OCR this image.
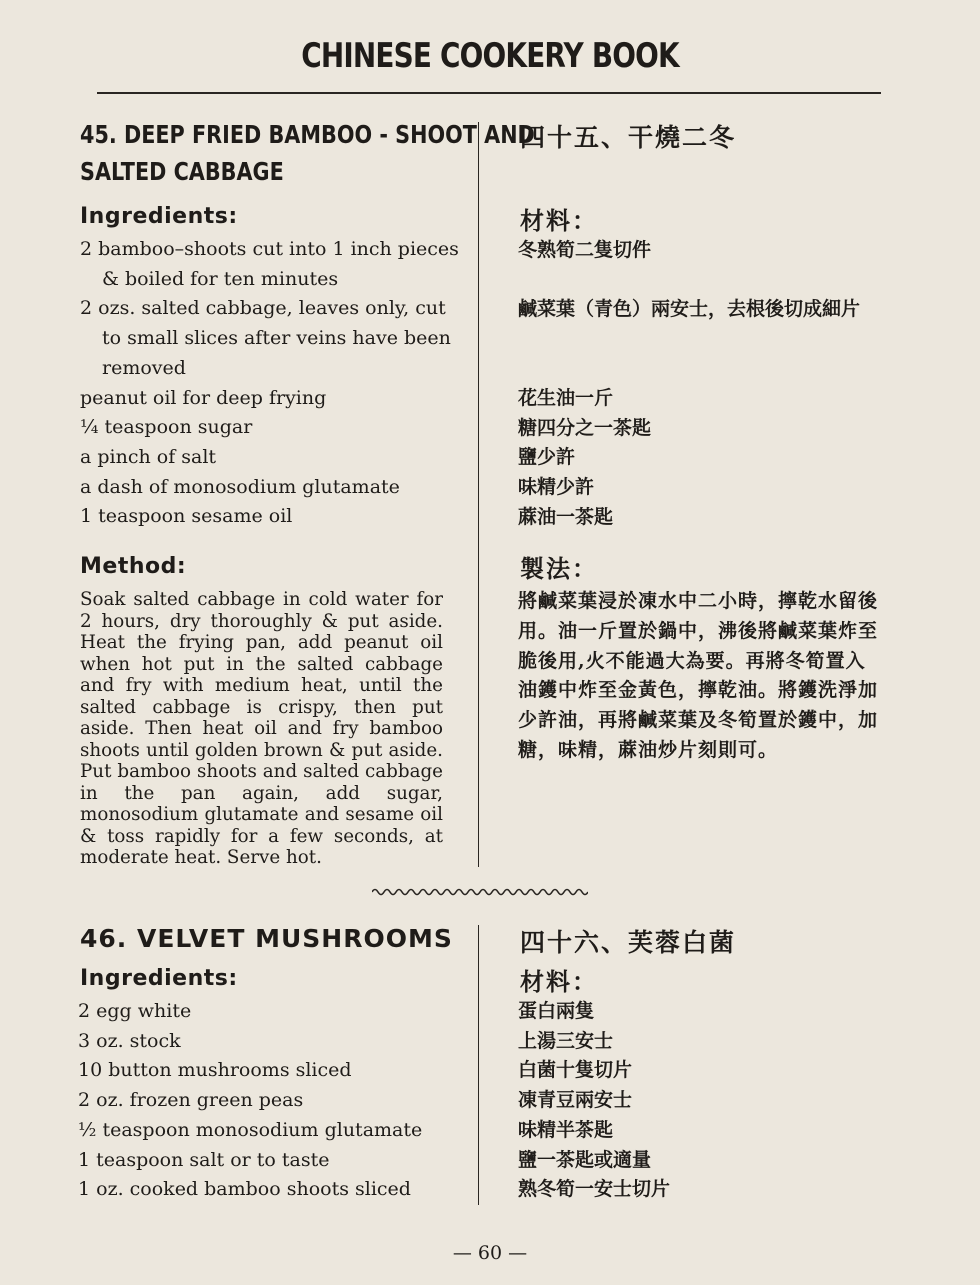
CHINESE COOKERY BOOK
45. DEEP FRIED BAMBOO - SHOOT AND
SALTED CABBAGE
Ingredients:
2 bamboo–shoots cut into 1 inch pieces
& boiled for ten minutes
2 ozs. salted cabbage, leaves only, cut
to small slices after veins have been
removed
peanut oil for deep frying
¼ teaspoon sugar
a pinch of salt
a dash of monosodium glutamate
1 teaspoon sesame oil
Method:

Soak salted cabbage in cold water for 2 hours, dry thoroughly & put aside. Heat the frying pan, add peanut oil when hot put in the salted cabbage and fry with medium heat, until the salted cabbage is crispy, then put aside. Then heat oil and fry bamboo shoots until golden brown & put aside. Put bamboo shoots and salted cabbage in the pan again, add sugar, monosodium glutamate and sesame oil & toss rapidly for a few seconds, at moderate heat. Serve hot.

四十五、干燒二冬
材料：
冬熟筍二隻切件
鹹菜葉（青色）兩安士，去根後切成細片
花生油一斤
糖四分之一茶匙
鹽少許
味精少許
蔴油一茶匙
製法：

將鹹菜葉浸於凍水中二小時，擰乾水留後用。油一斤置於鍋中，沸後將鹹菜葉炸至脆後用,火不能過大為要。再將冬筍置入油鑊中炸至金黃色，擰乾油。將鑊洗淨加少許油，再將鹹菜葉及冬筍置於鑊中，加糖，味精，蔴油炒片刻則可。

46. VELVET MUSHROOMS
Ingredients:
2 egg white
3 oz. stock
10 button mushrooms sliced
2 oz. frozen green peas
½ teaspoon monosodium glutamate
1 teaspoon salt or to taste
1 oz. cooked bamboo shoots sliced
四十六、芙蓉白菌
材料：
蛋白兩隻
上湯三安士
白菌十隻切片
凍青豆兩安士
味精半茶匙
鹽一茶匙或適量
熟冬筍一安士切片
— 60 —
